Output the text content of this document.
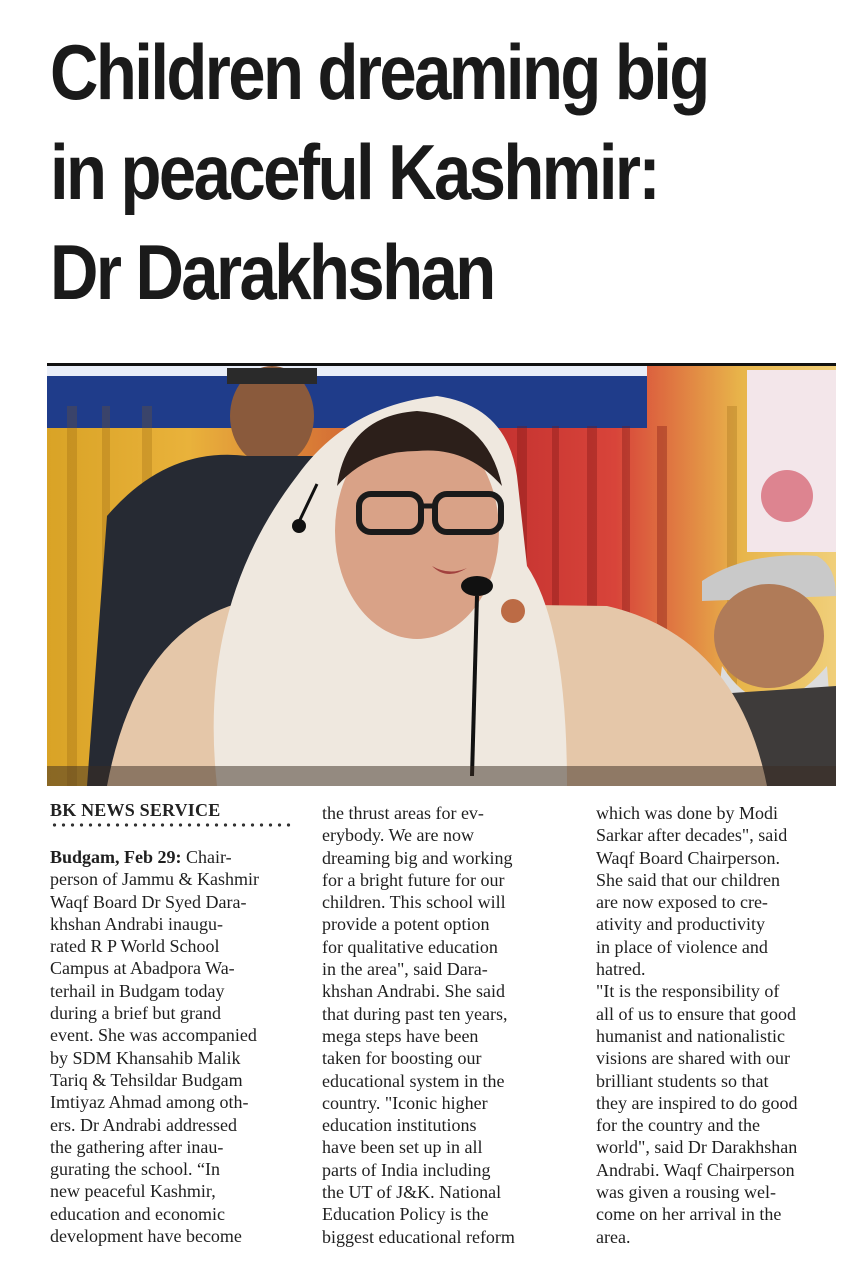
Children dreaming big
in peaceful Kashmir:
Dr Darakhshan
BK NEWS SERVICE
Budgam, Feb 29: Chair-
person of Jammu & Kashmir
Waqf Board Dr Syed Dara-
khshan Andrabi inaugu-
rated R P World School
Campus at Abadpora Wa-
terhail in Budgam today
during a brief but grand
event. She was accompanied
by SDM Khansahib Malik
Tariq & Tehsildar Budgam
Imtiyaz Ahmad among oth-
ers. Dr Andrabi addressed
the gathering after inau-
gurating the school. “In
new peaceful Kashmir,
education and economic
development have become
the thrust areas for ev-
erybody. We are now
dreaming big and working
for a bright future for our
children. This school will
provide a potent option
for qualitative education
in the area", said Dara-
khshan Andrabi. She said
that during past ten years,
mega steps have been
taken for boosting our
educational system in the
country. "Iconic higher
education institutions
have been set up in all
parts of India including
the UT of J&K. National
Education Policy is the
biggest educational reform
which was done by Modi
Sarkar after decades", said
Waqf Board Chairperson.
She said that our children
are now exposed to cre-
ativity and productivity
in place of violence and
hatred.
"It is the responsibility of
all of us to ensure that good
humanist and nationalistic
visions are shared with our
brilliant students so that
they are inspired to do good
for the country and the
world", said Dr Darakhshan
Andrabi. Waqf Chairperson
was given a rousing wel-
come on her arrival in the
area.
